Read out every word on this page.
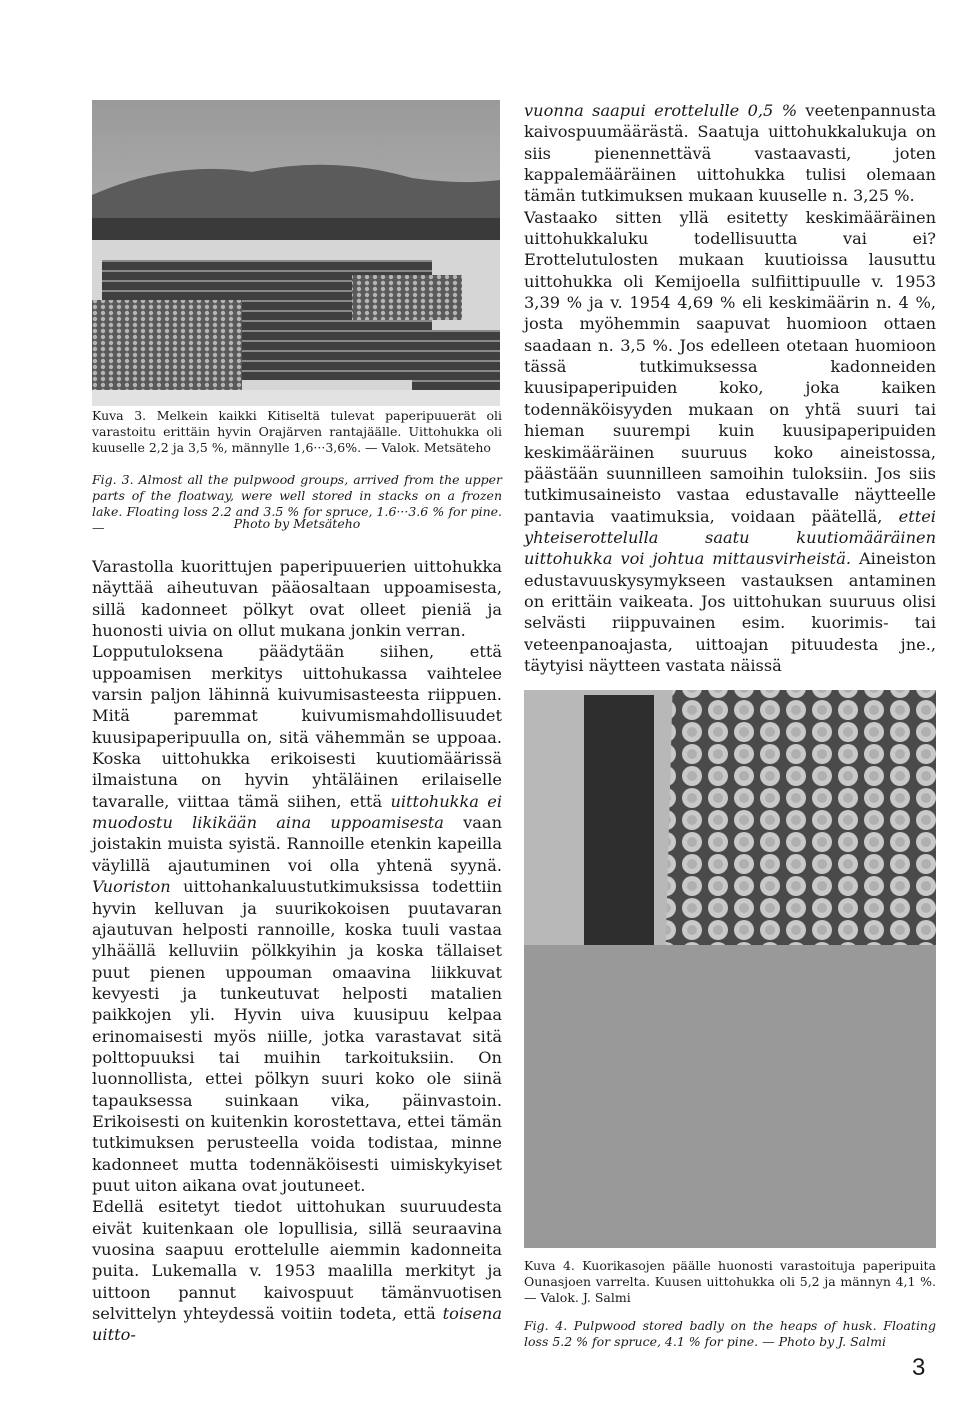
Kuva 3. Melkein kaikki Kitiseltä tulevat paperipuuerät oli varastoitu erittäin hyvin Orajärven rantajäälle. Uittohukka oli kuuselle 2,2 ja 3,5 %, männylle 1,6···3,6%. — Valok. Metsäteho
Fig. 3. Almost all the pulpwood groups, arrived from the upper parts of the floatway, were well stored in stacks on a frozen lake. Floating loss 2.2 and 3.5 % for spruce, 1.6···3.6 % for pine. —	Photo by Metsäteho

Varastolla kuorittujen paperipuuerien uittohukka näyttää aiheutuvan pääosaltaan uppoamisesta, sillä kadonneet pölkyt ovat olleet pieniä ja huonosti uivia on ollut mukana jonkin verran.

Lopputuloksena päädytään siihen, että uppoamisen merkitys uittohukassa vaihtelee varsin paljon lähinnä kuivumisasteesta riippuen. Mitä paremmat kuivumismahdollisuudet kuusipaperipuulla on, sitä vähemmän se uppoaa. Koska uittohukka erikoisesti kuutiomäärissä ilmaistuna on hyvin yhtäläinen erilaiselle tavaralle, viittaa tämä siihen, että uittohukka ei muodostu likikään aina uppoamisesta vaan joistakin muista syistä. Rannoille etenkin kapeilla väylillä ajautuminen voi olla yhtenä syynä. Vuoriston uittohankaluustutkimuksissa todettiin hyvin kelluvan ja suurikokoisen puutavaran ajautuvan helposti rannoille, koska tuuli vastaa ylhäällä kelluviin pölkkyihin ja koska tällaiset puut pienen uppouman omaavina liikkuvat kevyesti ja tunkeutuvat helposti matalien paikkojen yli. Hyvin uiva kuusipuu kelpaa erinomaisesti myös niille, jotka varastavat sitä polttopuuksi tai muihin tarkoituksiin. On luonnollista, ettei pölkyn suuri koko ole siinä tapauksessa suinkaan vika, päinvastoin. Erikoisesti on kuitenkin korostettava, ettei tämän tutkimuksen perusteella voida todistaa, minne kadonneet mutta todennäköisesti uimiskykyiset puut uiton aikana ovat joutuneet.

Edellä esitetyt tiedot uittohukan suuruudesta eivät kuitenkaan ole lopullisia, sillä seuraavina vuosina saapuu erottelulle aiemmin kadonneita puita. Lukemalla v. 1953 maalilla merkityt ja uittoon pannut kaivospuut tämänvuotisen selvittelyn yhteydessä voitiin todeta, että toisena uitto-

vuonna saapui erottelulle 0,5 % veetenpannusta kaivospuumäärästä. Saatuja uittohukkalukuja on siis pienennettävä vastaavasti, joten kappalemääräinen uittohukka tulisi olemaan tämän tutkimuksen mukaan kuuselle n. 3,25 %.

Vastaako sitten yllä esitetty keskimääräinen uittohukkaluku todellisuutta vai ei? Erottelutulosten mukaan kuutioissa lausuttu uittohukka oli Kemijoella sulfiittipuulle v. 1953 3,39 % ja v. 1954 4,69 % eli keskimäärin n. 4 %, josta myöhemmin saapuvat huomioon ottaen saadaan n. 3,5 %. Jos edelleen otetaan huomioon tässä tutkimuksessa kadonneiden kuusipaperipuiden koko, joka kaiken todennäköisyyden mukaan on yhtä suuri tai hieman suurempi kuin kuusipaperipuiden keskimääräinen suuruus koko aineistossa, päästään suunnilleen samoihin tuloksiin. Jos siis tutkimusaineisto vastaa edustavalle näytteelle pantavia vaatimuksia, voidaan päätellä, ettei yhteiserottelulla saatu kuutiomääräinen uittohukka voi johtua mittausvirheistä. Aineiston edustavuuskysymykseen vastauksen antaminen on erittäin vaikeata. Jos uittohukan suuruus olisi selvästi riippuvainen esim. kuorimis- tai veteenpanoajasta, uittoajan pituudesta jne., täytyisi näytteen vastata näissä

Kuva 4. Kuorikasojen päälle huonosti varastoituja paperipuita Ounasjoen varrelta. Kuusen uittohukka oli 5,2 ja männyn 4,1 %. — Valok. J. Salmi
Fig. 4. Pulpwood stored badly on the heaps of husk. Floating loss 5.2 % for spruce, 4.1 % for pine. — Photo by J. Salmi
3
